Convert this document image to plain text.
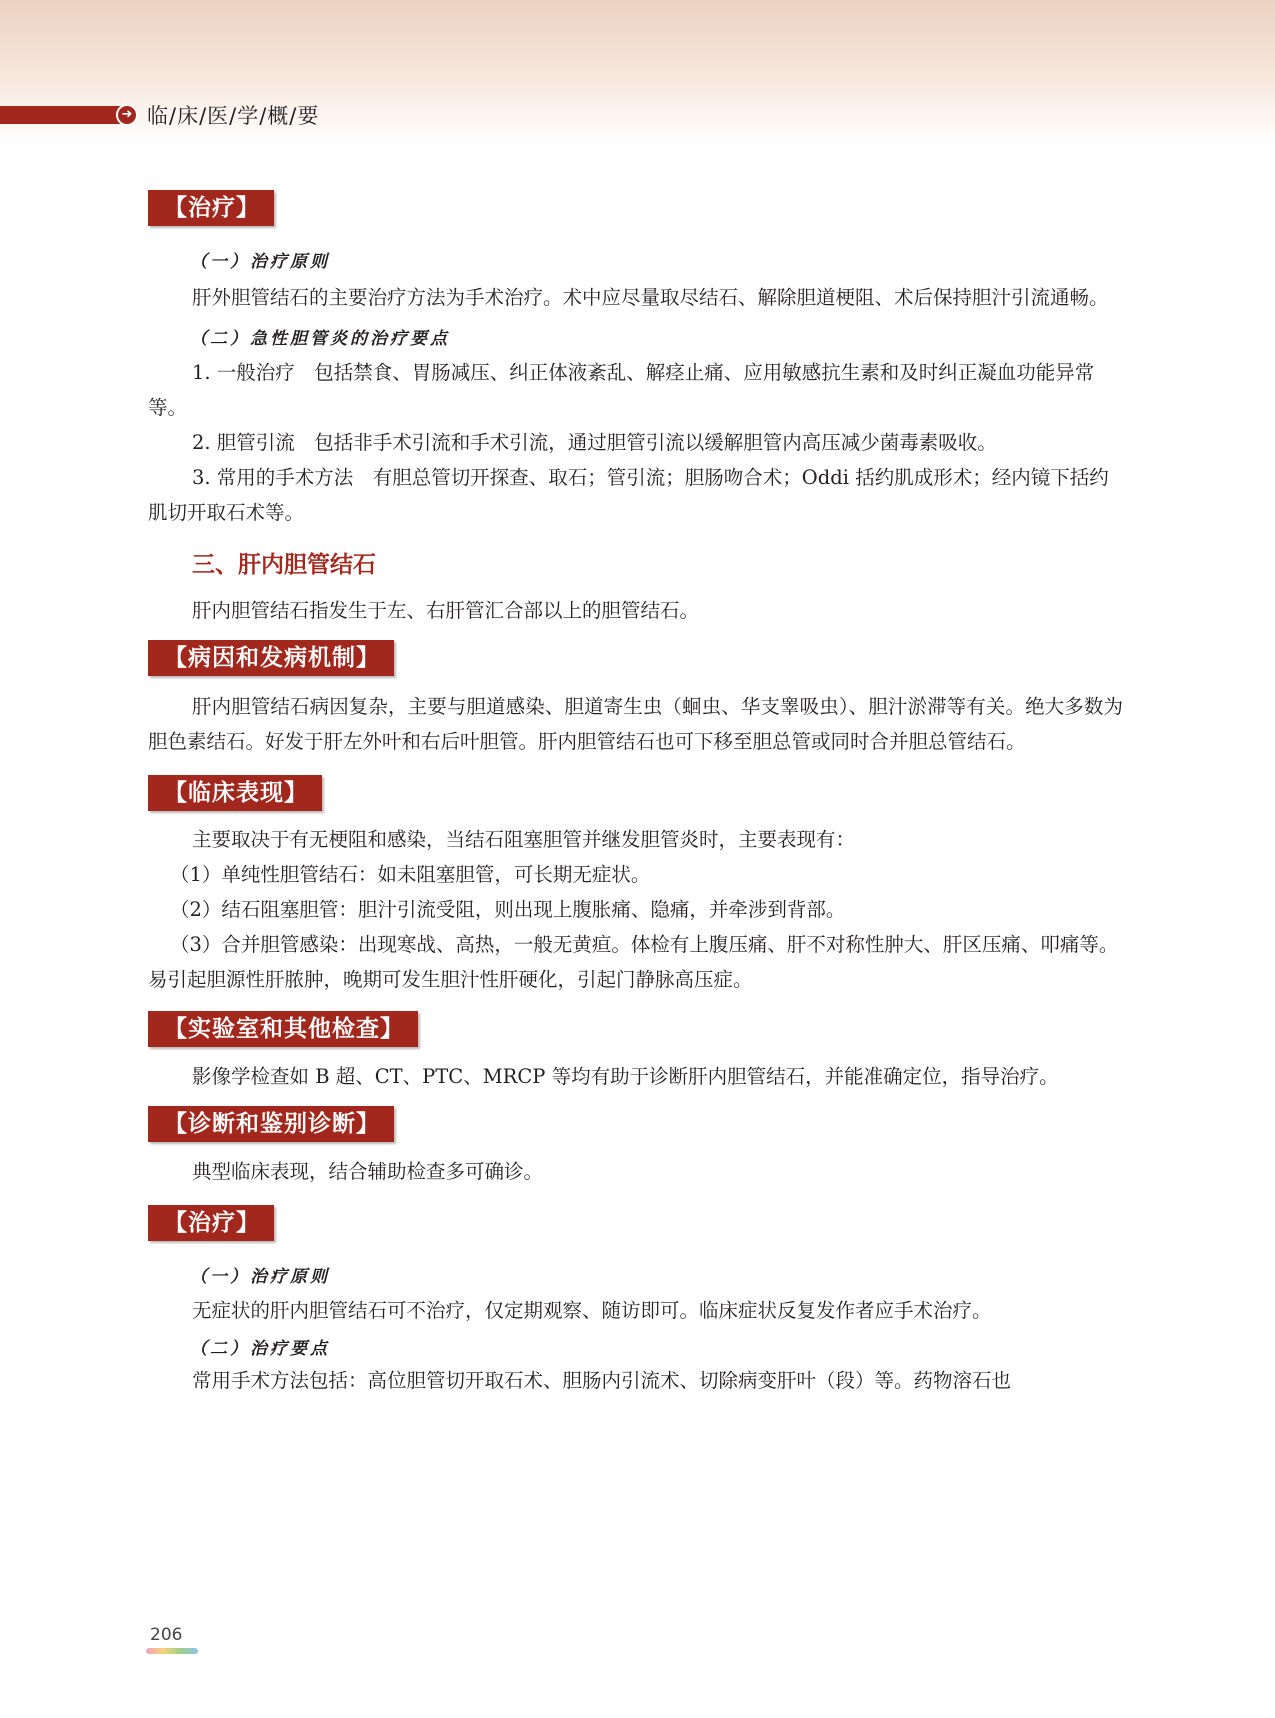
➜ 临/床/医/学/概/要
【治疗】
（一）治疗原则

肝外胆管结石的主要治疗方法为手术治疗。术中应尽量取尽结石、解除胆道梗阻、术后保持胆汁引流通畅。

（二）急性胆管炎的治疗要点

1. 一般治疗　包括禁食、胃肠减压、纠正体液紊乱、解痉止痛、应用敏感抗生素和及时纠正凝血功能异常等。

2. 胆管引流　包括非手术引流和手术引流，通过胆管引流以缓解胆管内高压减少菌毒素吸收。

3. 常用的手术方法　有胆总管切开探查、取石；管引流；胆肠吻合术；Oddi 括约肌成形术；经内镜下括约肌切开取石术等。

三、肝内胆管结石

肝内胆管结石指发生于左、右肝管汇合部以上的胆管结石。

【病因和发病机制】

肝内胆管结石病因复杂，主要与胆道感染、胆道寄生虫（蛔虫、华支睾吸虫）、胆汁淤滞等有关。绝大多数为胆色素结石。好发于肝左外叶和右后叶胆管。肝内胆管结石也可下移至胆总管或同时合并胆总管结石。

【临床表现】

主要取决于有无梗阻和感染，当结石阻塞胆管并继发胆管炎时，主要表现有：

（1）单纯性胆管结石：如未阻塞胆管，可长期无症状。

（2）结石阻塞胆管：胆汁引流受阻，则出现上腹胀痛、隐痛，并牵涉到背部。

（3）合并胆管感染：出现寒战、高热，一般无黄疸。体检有上腹压痛、肝不对称性肿大、肝区压痛、叩痛等。易引起胆源性肝脓肿，晚期可发生胆汁性肝硬化，引起门静脉高压症。

【实验室和其他检查】

影像学检查如 B 超、CT、PTC、MRCP 等均有助于诊断肝内胆管结石，并能准确定位，指导治疗。

【诊断和鉴别诊断】

典型临床表现，结合辅助检查多可确诊。

【治疗】
（一）治疗原则

无症状的肝内胆管结石可不治疗，仅定期观察、随访即可。临床症状反复发作者应手术治疗。

（二）治疗要点

常用手术方法包括：高位胆管切开取石术、胆肠内引流术、切除病变肝叶（段）等。药物溶石也

206
